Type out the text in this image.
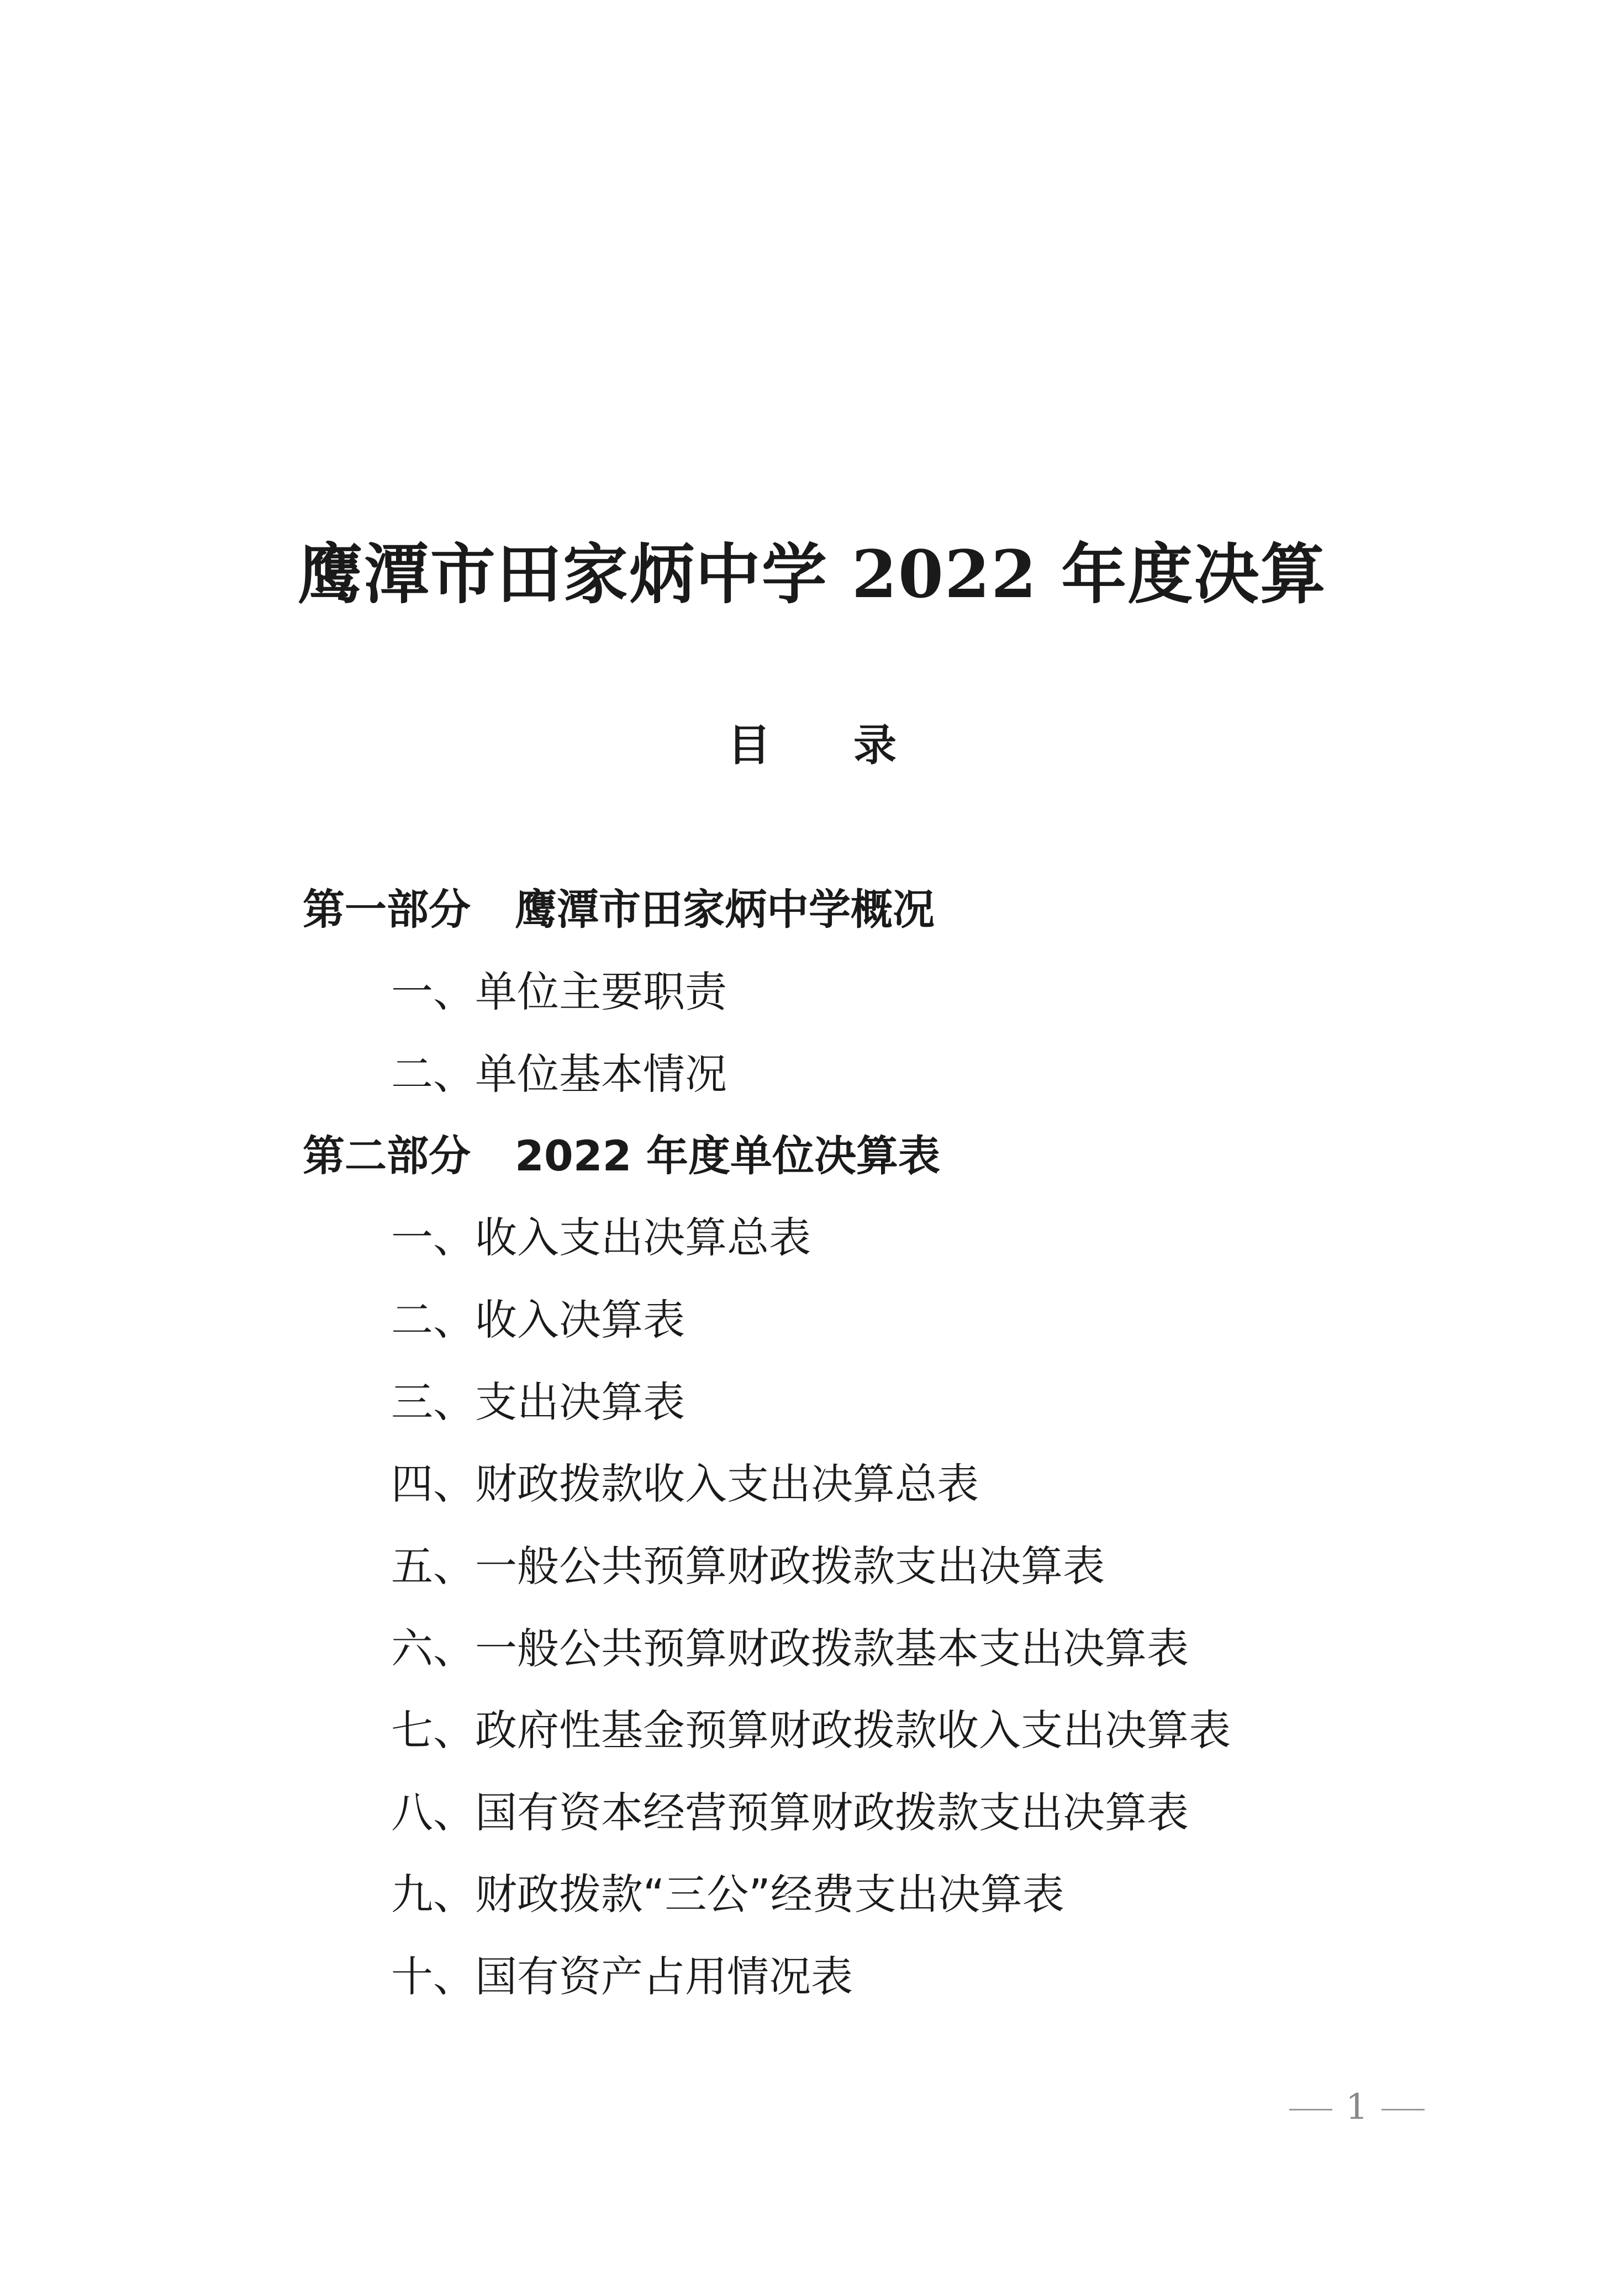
鹰潭市田家炳中学 2022 年度决算
目录
第一部分 鹰潭市田家炳中学概况
一、单位主要职责
二、单位基本情况
第二部分 2022 年度单位决算表
一、收入支出决算总表
二、收入决算表
三、支出决算表
四、财政拨款收入支出决算总表
五、一般公共预算财政拨款支出决算表
六、一般公共预算财政拨款基本支出决算表
七、政府性基金预算财政拨款收入支出决算表
八、国有资本经营预算财政拨款支出决算表
九、财政拨款“三公”经费支出决算表
十、国有资产占用情况表
1
